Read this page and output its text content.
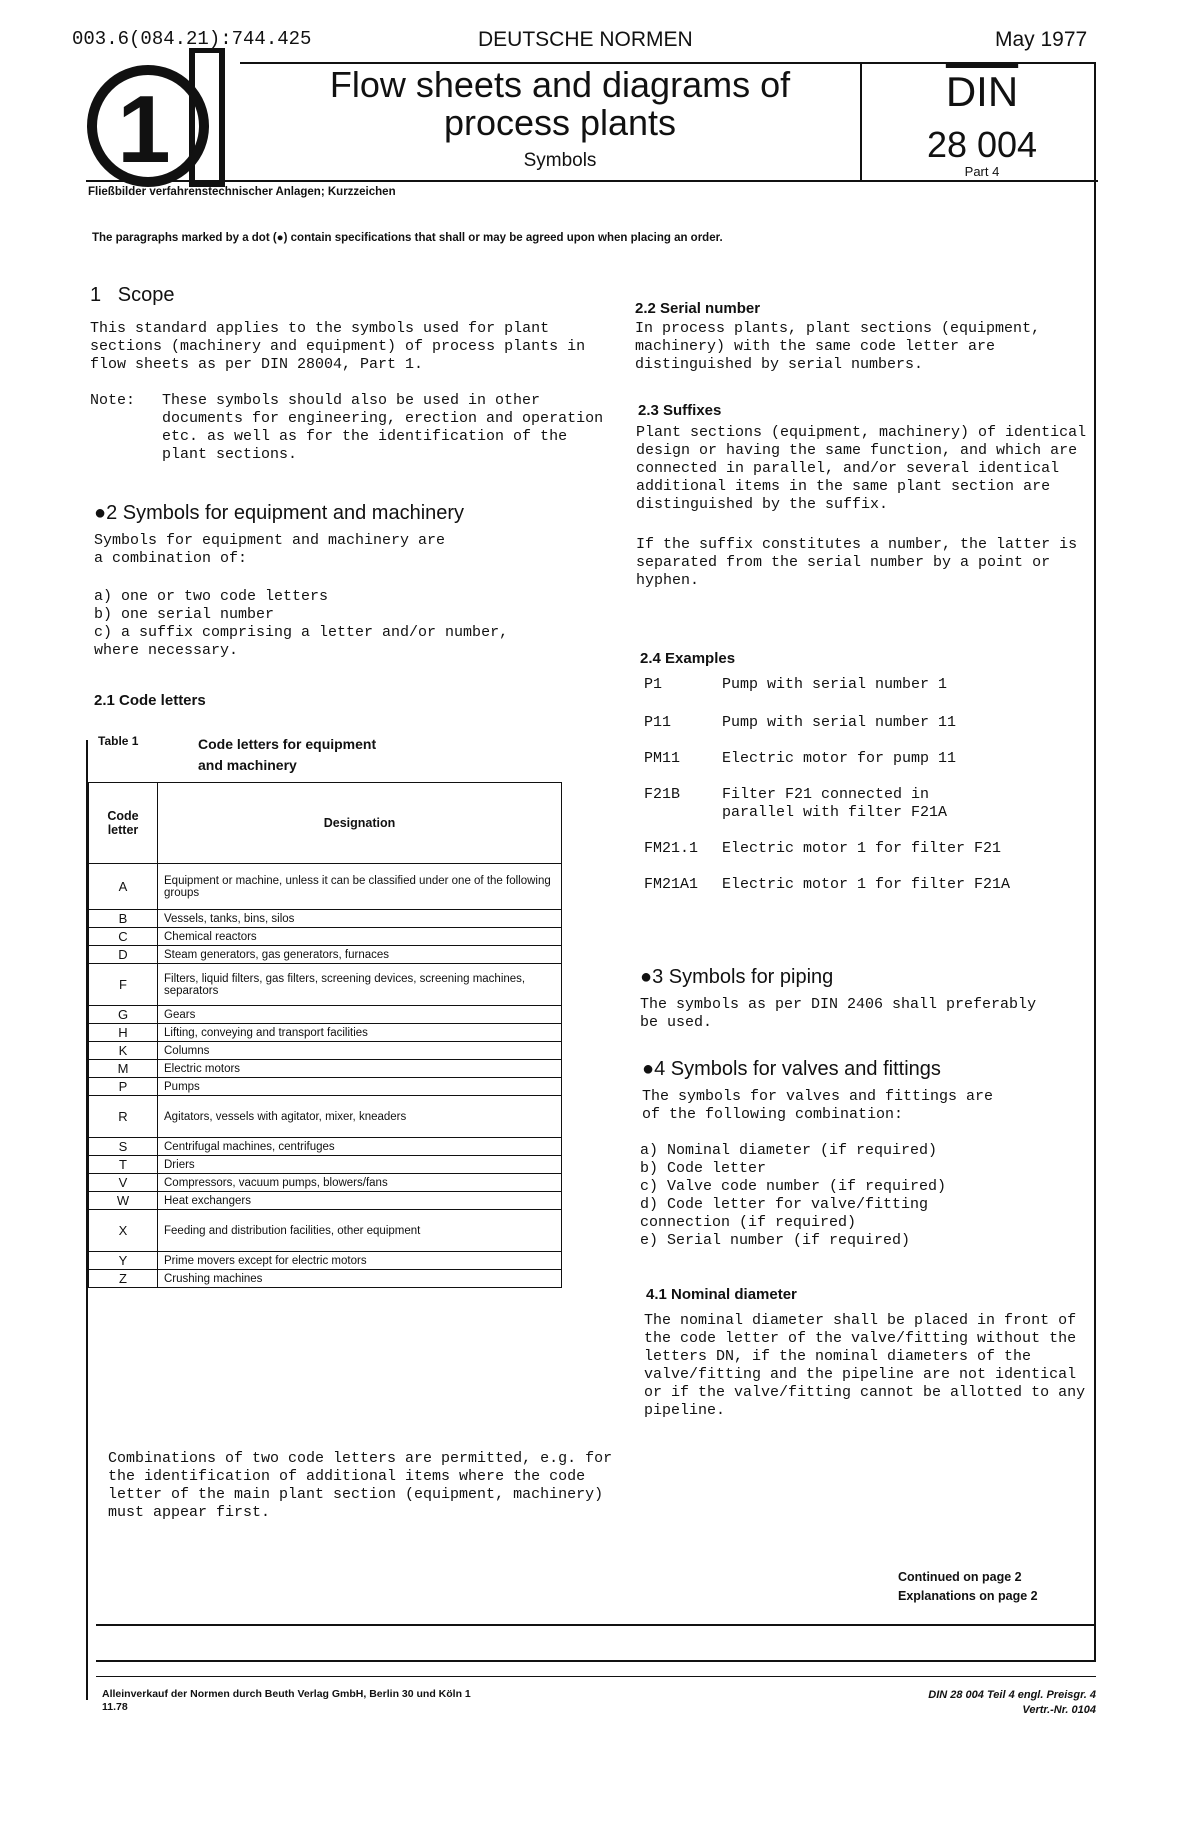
003.6(084.21):744.425	DEUTSCHE NORMEN	May 1977
1	Flow sheets and diagrams of
process plants
Symbols
$\overline{DIN}$
28 004
Part 4
Fließbilder verfahrenstechnischer Anlagen; Kurzzeichen
The paragraphs marked by a dot (●) contain specifications that shall or may be agreed upon when placing an order.
1 Scope
This standard applies to the symbols used for plant
sections (machinery and equipment) of process plants in
flow sheets as per DIN 28004, Part 1.
Note: These symbols should also be used in other
documents for engineering, erection and operation
etc. as well as for the identification of the
plant sections.
●2 Symbols for equipment and machinery
Symbols for equipment and machinery are
a combination of:
a) one or two code letters
b) one serial number
c) a suffix comprising a letter and/or number,
where necessary.
2.1 Code letters
Table 1	Code letters for equipment
and machinery
Code letter	Designation
A	Equipment or machine, unless it can be classified under one of the following groups
B	Vessels, tanks, bins, silos
C	Chemical reactors
D	Steam generators, gas generators, furnaces
F	Filters, liquid filters, gas filters, screening devices, screening machines, separators
G	Gears
H	Lifting, conveying and transport facilities
K	Columns
M	Electric motors
P	Pumps
R	Agitators, vessels with agitator, mixer, kneaders
S	Centrifugal machines, centrifuges
T	Driers
V	Compressors, vacuum pumps, blowers/fans
W	Heat exchangers
X	Feeding and distribution facilities, other equipment
Y	Prime movers except for electric motors
Z	Crushing machines
Combinations of two code letters are permitted, e.g. for
the identification of additional items where the code
letter of the main plant section (equipment, machinery)
must appear first.
2.2 Serial number
In process plants, plant sections (equipment,
machinery) with the same code letter are
distinguished by serial numbers.
2.3 Suffixes
Plant sections (equipment, machinery) of identical
design or having the same function, and which are
connected in parallel, and/or several identical
additional items in the same plant section are
distinguished by the suffix.
If the suffix constitutes a number, the latter is
separated from the serial number by a point or
hyphen.
2.4 Examples
P1	Pump with serial number 1
P11	Pump with serial number 11
PM11	Electric motor for pump 11
F21B	Filter F21 connected in parallel with filter F21A
FM21.1 Electric motor 1 for filter F21
FM21A1 Electric motor 1 for filter F21A
●3 Symbols for piping
The symbols as per DIN 2406 shall preferably
be used.
●4 Symbols for valves and fittings
The symbols for valves and fittings are
of the following combination:
a) Nominal diameter (if required)
b) Code letter
c) Valve code number (if required)
d) Code letter for valve/fitting
connection (if required)
e) Serial number (if required)
4.1 Nominal diameter
The nominal diameter shall be placed in front of
the code letter of the valve/fitting without the
letters DN, if the nominal diameters of the
valve/fitting and the pipeline are not identical
or if the valve/fitting cannot be allotted to any
pipeline.
Continued on page 2
Explanations on page 2
Alleinverkauf der Normen durch Beuth Verlag GmbH, Berlin 30 und Köln 1
11.78
DIN 28 004 Teil 4 engl. Preisgr. 4
Vertr.-Nr. 0104
